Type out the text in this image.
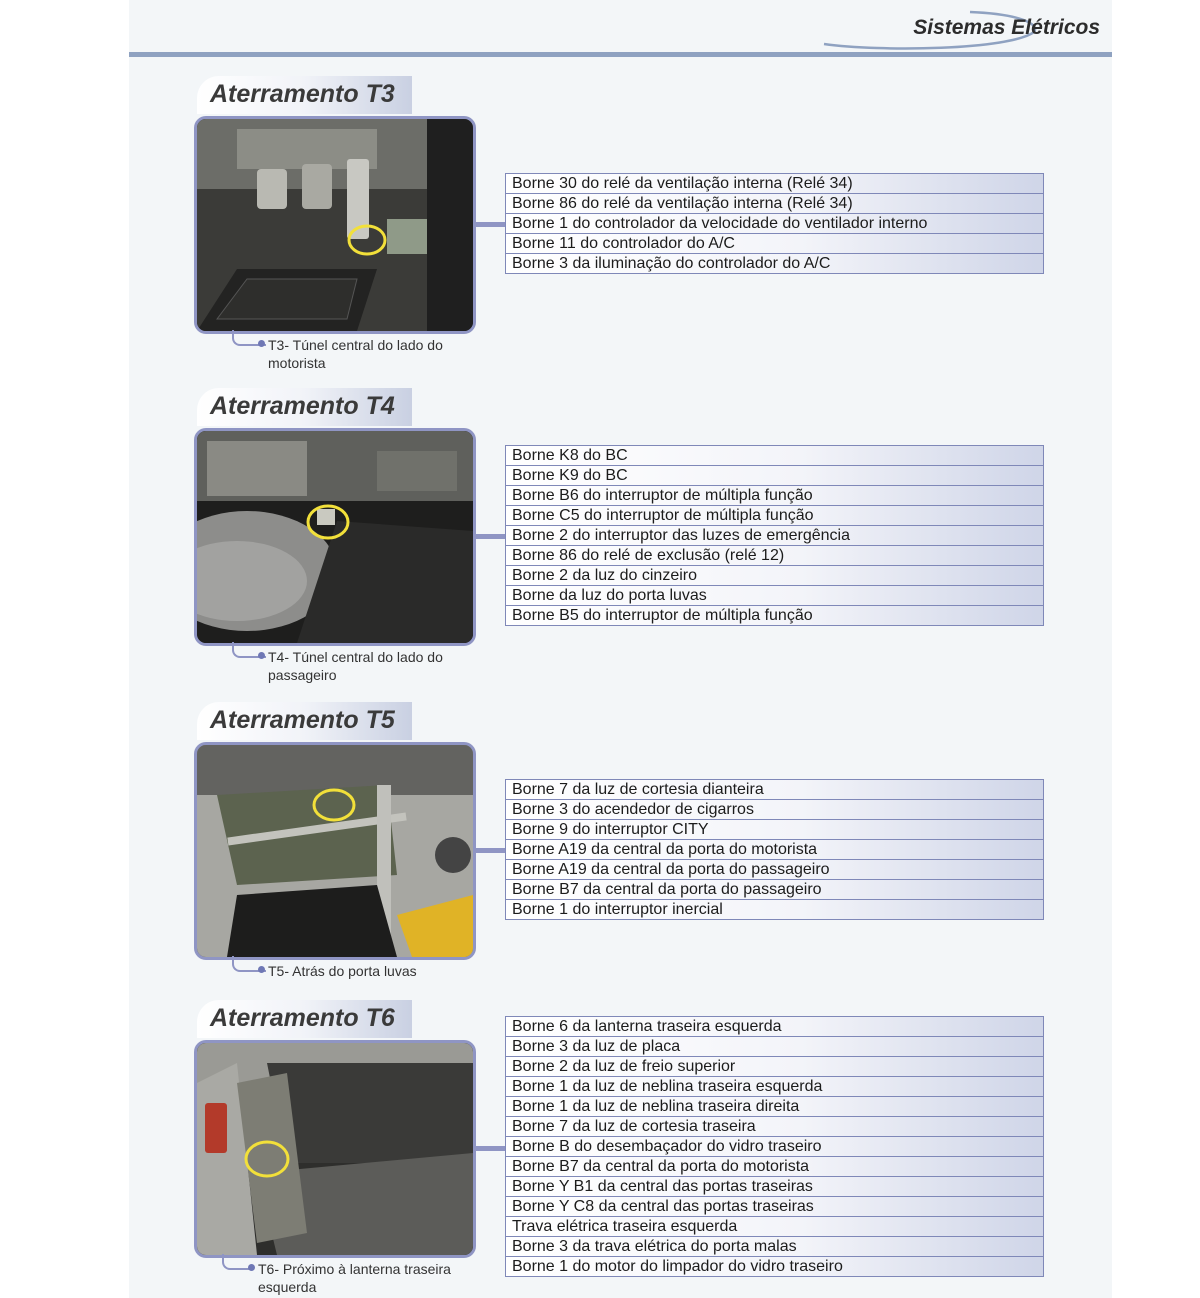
Sistemas Elétricos
Aterramento T3
T3- Túnel central do lado do
motorista
Borne 30 do relé da ventilação interna (Relé 34)
Borne 86 do relé da ventilação interna (Relé 34)
Borne 1 do controlador da velocidade do ventilador interno
Borne 11 do controlador do A/C
Borne 3 da iluminação do controlador do A/C
Aterramento T4
T4- Túnel central do lado do
passageiro
Borne K8 do BC
Borne K9 do BC
Borne B6 do interruptor de múltipla função
Borne C5 do interruptor de múltipla função
Borne 2 do interruptor das luzes de emergência
Borne 86 do relé de exclusão (relé 12)
Borne 2 da luz do cinzeiro
Borne da luz do porta luvas
Borne B5 do interruptor de múltipla função
Aterramento T5
T5- Atrás do porta luvas
Borne 7 da luz de cortesia dianteira
Borne 3 do acendedor de cigarros
Borne 9 do interruptor CITY
Borne A19 da central da porta do motorista
Borne A19 da central da porta do passageiro
Borne B7 da central da porta do passageiro
Borne 1 do interruptor inercial
Aterramento T6
T6- Próximo à lanterna traseira
esquerda
Borne 6 da lanterna traseira esquerda
Borne 3 da luz de placa
Borne 2 da luz de freio superior
Borne 1 da luz de neblina traseira esquerda
Borne 1 da luz de neblina traseira direita
Borne 7 da luz de cortesia traseira
Borne B do desembaçador do vidro traseiro
Borne B7 da central da porta do motorista
Borne Y B1 da central das portas traseiras
Borne Y C8 da central das portas traseiras
Trava elétrica traseira esquerda
Borne 3 da trava elétrica do porta malas
Borne 1 do motor do limpador do vidro traseiro
